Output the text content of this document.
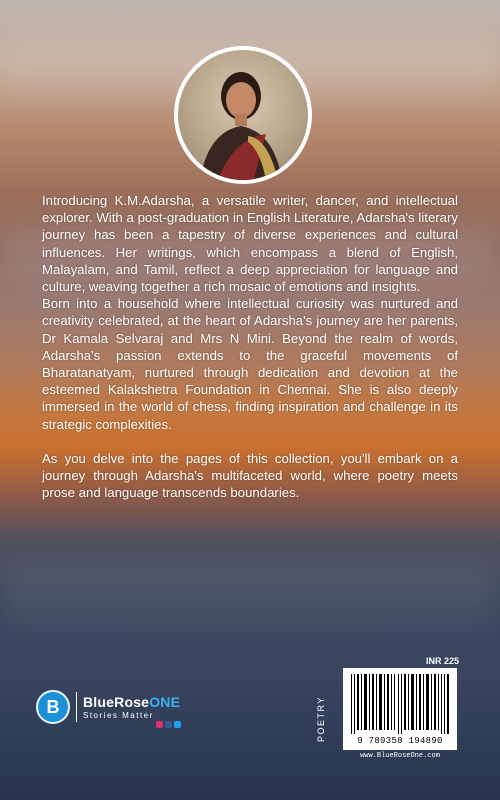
Introducing K.M.Adarsha, a versatile writer, dancer, and intellectual explorer. With a post-graduation in English Literature, Adarsha's literary journey has been a tapestry of diverse experiences and cultural influences. Her writings, which encompass a blend of English, Malayalam, and Tamil, reflect a deep appreciation for language and culture, weaving together a rich mosaic of emotions and insights.

Born into a household where intellectual curiosity was nurtured and creativity celebrated, at the heart of Adarsha's journey are her parents, Dr Kamala Selvaraj and Mrs N Mini. Beyond the realm of words, Adarsha's passion extends to the graceful movements of Bharatanatyam, nurtured through dedication and devotion at the esteemed Kalakshetra Foundation in Chennai. She is also deeply immersed in the world of chess, finding inspiration and challenge in its strategic complexities.

As you delve into the pages of this collection, you'll embark on a journey through Adarsha's multifaceted world, where poetry meets prose and language transcends boundaries.

B	BlueRoseONE
Stories Matter	POETRY
INR 225
9 789358 194890
www.BlueRoseOne.com
